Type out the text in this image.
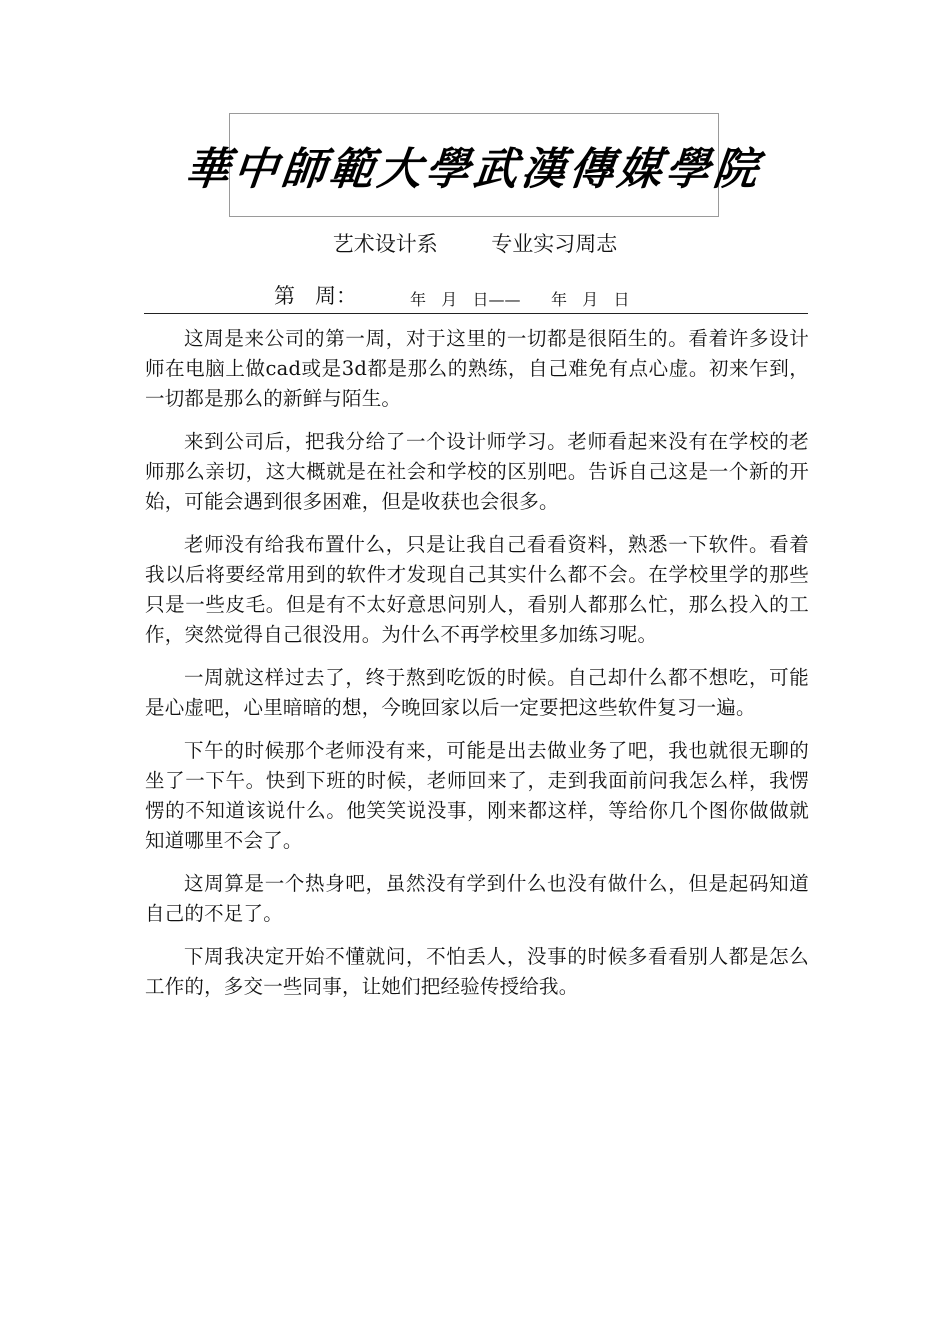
華中師範大學武漢傳媒學院
艺术设计系        专业实习周志
第   周：	年   月   日——      年   月   日

这周是来公司的第一周，对于这里的一切都是很陌生的。看着许多设计师在电脑上做cad或是3d都是那么的熟练，自己难免有点心虚。初来乍到，一切都是那么的新鲜与陌生。

来到公司后，把我分给了一个设计师学习。老师看起来没有在学校的老师那么亲切，这大概就是在社会和学校的区别吧。告诉自己这是一个新的开始，可能会遇到很多困难，但是收获也会很多。

老师没有给我布置什么，只是让我自己看看资料，熟悉一下软件。看着我以后将要经常用到的软件才发现自己其实什么都不会。在学校里学的那些只是一些皮毛。但是有不太好意思问别人，看别人都那么忙，那么投入的工作，突然觉得自己很没用。为什么不再学校里多加练习呢。

一周就这样过去了，终于熬到吃饭的时候。自己却什么都不想吃，可能是心虚吧，心里暗暗的想，今晚回家以后一定要把这些软件复习一遍。

下午的时候那个老师没有来，可能是出去做业务了吧，我也就很无聊的坐了一下午。快到下班的时候，老师回来了，走到我面前问我怎么样，我愣愣的不知道该说什么。他笑笑说没事，刚来都这样，等给你几个图你做做就知道哪里不会了。

这周算是一个热身吧，虽然没有学到什么也没有做什么，但是起码知道自己的不足了。

下周我决定开始不懂就问，不怕丢人，没事的时候多看看别人都是怎么工作的，多交一些同事，让她们把经验传授给我。
